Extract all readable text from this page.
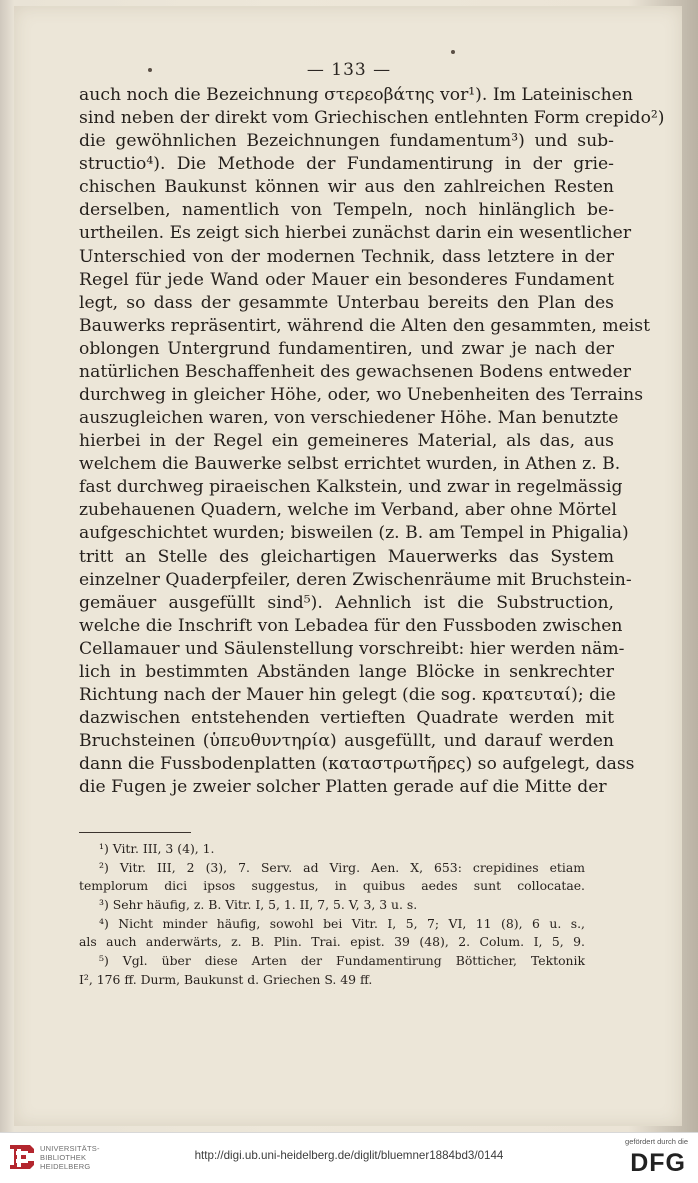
— 133 —
auch noch die Bezeichnung στερεοβάτης vor¹). Im Lateinischen
sind neben der direkt vom Griechischen entlehnten Form crepido²)
die gewöhnlichen Bezeichnungen fundamentum³) und sub-
structio⁴). Die Methode der Fundamentirung in der grie-
chischen Baukunst können wir aus den zahlreichen Resten
derselben, namentlich von Tempeln, noch hinlänglich be-
urtheilen. Es zeigt sich hierbei zunächst darin ein wesentlicher
Unterschied von der modernen Technik, dass letztere in der
Regel für jede Wand oder Mauer ein besonderes Fundament
legt, so dass der gesammte Unterbau bereits den Plan des
Bauwerks repräsentirt, während die Alten den gesammten, meist
oblongen Untergrund fundamentiren, und zwar je nach der
natürlichen Beschaffenheit des gewachsenen Bodens entweder
durchweg in gleicher Höhe, oder, wo Unebenheiten des Terrains
auszugleichen waren, von verschiedener Höhe. Man benutzte
hierbei in der Regel ein gemeineres Material, als das, aus
welchem die Bauwerke selbst errichtet wurden, in Athen z. B.
fast durchweg piraeischen Kalkstein, und zwar in regelmässig
zubehauenen Quadern, welche im Verband, aber ohne Mörtel
aufgeschichtet wurden; bisweilen (z. B. am Tempel in Phigalia)
tritt an Stelle des gleichartigen Mauerwerks das System
einzelner Quaderpfeiler, deren Zwischenräume mit Bruchstein-
gemäuer ausgefüllt sind⁵). Aehnlich ist die Substruction,
welche die Inschrift von Lebadea für den Fussboden zwischen
Cellamauer und Säulenstellung vorschreibt: hier werden näm-
lich in bestimmten Abständen lange Blöcke in senkrechter
Richtung nach der Mauer hin gelegt (die sog. κρατευταί); die
dazwischen entstehenden vertieften Quadrate werden mit
Bruchsteinen (ὑπευθυντηρία) ausgefüllt, und darauf werden
dann die Fussbodenplatten (καταστρωτῆρες) so aufgelegt, dass
die Fugen je zweier solcher Platten gerade auf die Mitte der
¹) Vitr. III, 3 (4), 1.
²) Vitr. III, 2 (3), 7. Serv. ad Virg. Aen. X, 653: crepidines etiam
templorum dici ipsos suggestus, in quibus aedes sunt collocatae.
³) Sehr häufig, z. B. Vitr. I, 5, 1. II, 7, 5. V, 3, 3 u. s.
⁴) Nicht minder häufig, sowohl bei Vitr. I, 5, 7; VI, 11 (8), 6 u. s.,
als auch anderwärts, z. B. Plin. Trai. epist. 39 (48), 2. Colum. I, 5, 9.
⁵) Vgl. über diese Arten der Fundamentirung Bötticher, Tektonik
I², 176 ff. Durm, Baukunst d. Griechen S. 49 ff.
UNIVERSITÄTS-
BIBLIOTHEK
HEIDELBERG
http://digi.ub.uni-heidelberg.de/diglit/bluemner1884bd3/0144
gefördert durch die
DFG
